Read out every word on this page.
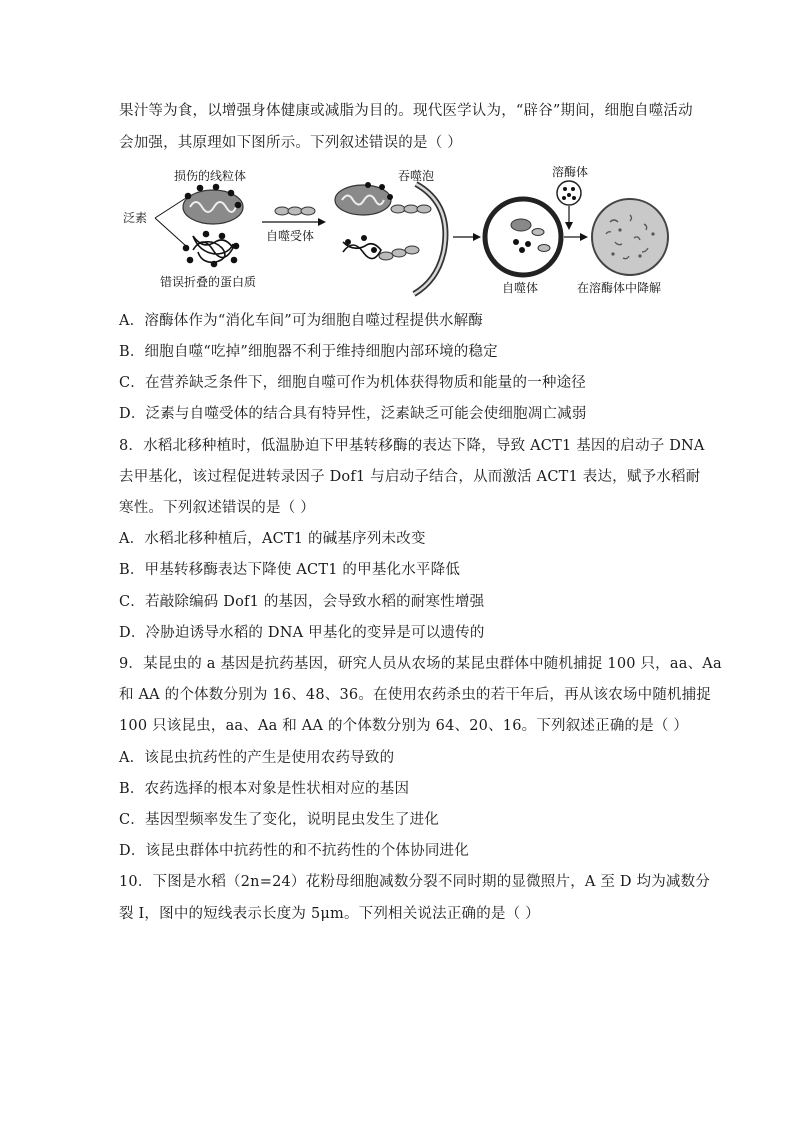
果汁等为食，以增强身体健康或减脂为目的。现代医学认为，“辟谷”期间，细胞自噬活动
会加强，其原理如下图所示。下列叙述错误的是（ ）
损伤的线粒体
泛素
错误折叠的蛋白质
自噬受体
吞噬泡
自噬体
溶酶体
在溶酶体中降解
A．溶酶体作为“消化车间”可为细胞自噬过程提供水解酶
B．细胞自噬“吃掉”细胞器不利于维持细胞内部环境的稳定
C．在营养缺乏条件下，细胞自噬可作为机体获得物质和能量的一种途径
D．泛素与自噬受体的结合具有特异性，泛素缺乏可能会使细胞凋亡减弱
8．水稻北移种植时，低温胁迫下甲基转移酶的表达下降，导致 ACT1 基因的启动子 DNA
去甲基化，该过程促进转录因子 Dof1 与启动子结合，从而激活 ACT1 表达，赋予水稻耐
寒性。下列叙述错误的是（ ）
A．水稻北移种植后，ACT1 的碱基序列未改变
B．甲基转移酶表达下降使 ACT1 的甲基化水平降低
C．若敲除编码 Dof1 的基因，会导致水稻的耐寒性增强
D．冷胁迫诱导水稻的 DNA 甲基化的变异是可以遗传的
9．某昆虫的 a 基因是抗药基因，研究人员从农场的某昆虫群体中随机捕捉 100 只，aa、Aa
和 AA 的个体数分别为 16、48、36。在使用农药杀虫的若干年后，再从该农场中随机捕捉
100 只该昆虫，aa、Aa 和 AA 的个体数分别为 64、20、16。下列叙述正确的是（ ）
A．该昆虫抗药性的产生是使用农药导致的
B．农药选择的根本对象是性状相对应的基因
C．基因型频率发生了变化，说明昆虫发生了进化
D．该昆虫群体中抗药性的和不抗药性的个体协同进化
10．下图是水稻（2n=24）花粉母细胞减数分裂不同时期的显微照片，A 至 D 均为减数分
裂 I，图中的短线表示长度为 5μm。下列相关说法正确的是（ ）
